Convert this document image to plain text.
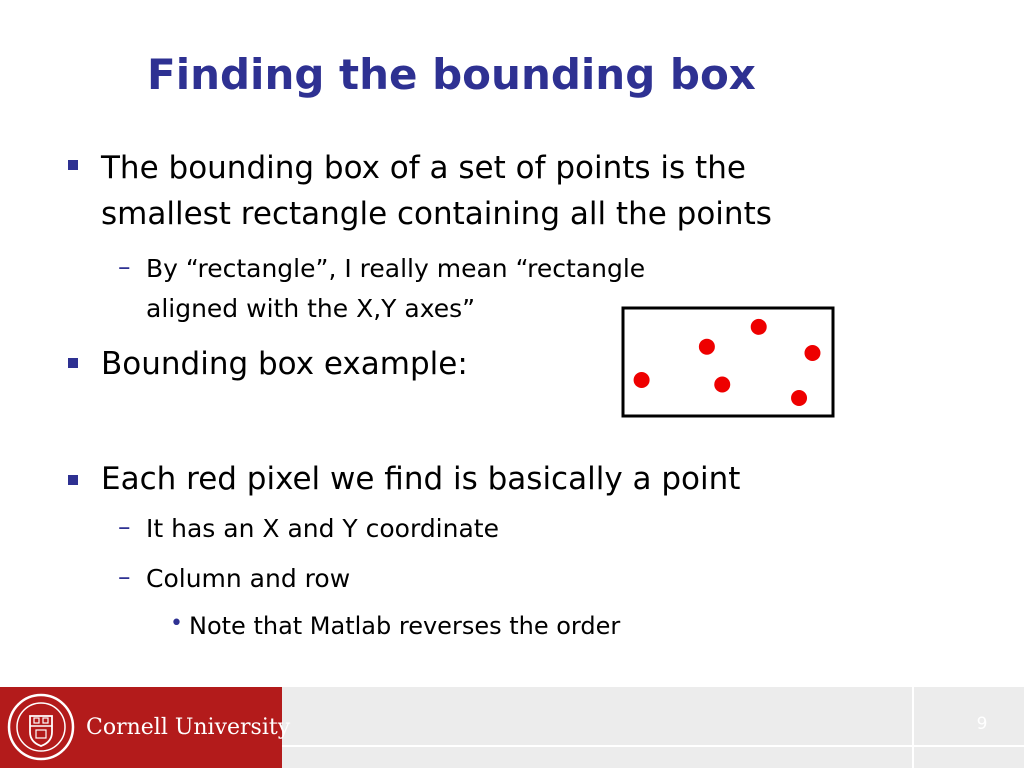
Finding the bounding box
The bounding box of a set of points is the
smallest rectangle containing all the points
– By “rectangle”, I really mean “rectangle
aligned with the X,Y axes”
Bounding box example:
Each red pixel we find is basically a point
– It has an X and Y coordinate
– Column and row
• Note that Matlab reverses the order
Cornell University	9
